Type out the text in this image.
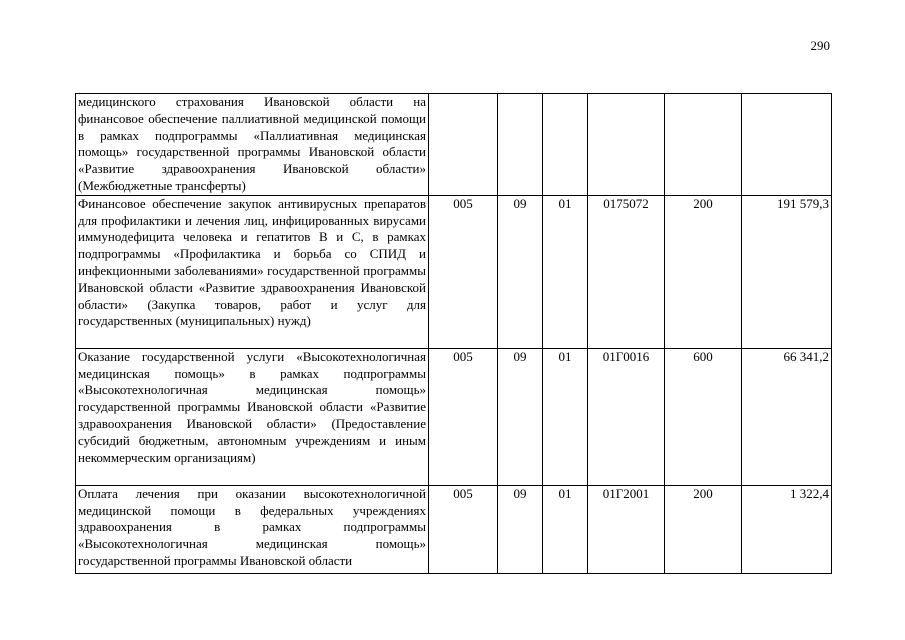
290
медицинского страхования Ивановской области на финансовое обеспечение паллиативной медицинской помощи в рамках подпрограммы «Паллиативная медицинская помощь» государственной программы Ивановской области «Развитие здравоохранения Ивановской области» (Межбюджетные трансферты)						
Финансовое обеспечение закупок антивирусных препаратов для профилактики и лечения лиц, инфицированных вирусами иммунодефицита человека и гепатитов В и С, в рамках подпрограммы «Профилактика и борьба со СПИД и инфекционными заболеваниями» государственной программы Ивановской области «Развитие здравоохранения Ивановской области» (Закупка товаров, работ и услуг для государственных (муниципальных) нужд)	005	09	01	0175072	200	191 579,3
Оказание государственной услуги «Высокотехнологичная медицинская помощь» в рамках подпрограммы «Высокотехнологичная медицинская помощь» государственной программы Ивановской области «Развитие здравоохранения Ивановской области» (Предоставление субсидий бюджетным, автономным учреждениям и иным некоммерческим организациям)	005	09	01	01Г0016	600	66 341,2
Оплата лечения при оказании высокотехнологичной медицинской помощи в федеральных учреждениях здравоохранения в рамках подпрограммы «Высокотехнологичная медицинская помощь» государственной программы Ивановской области	005	09	01	01Г2001	200	1 322,4
